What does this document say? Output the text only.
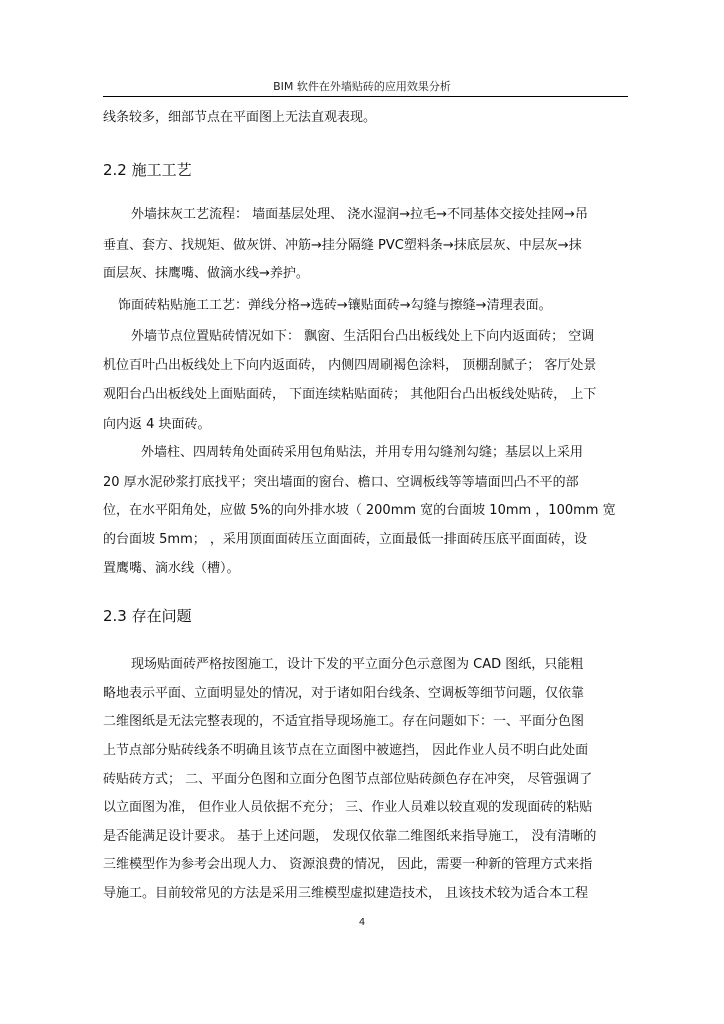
BIM 软件在外墙贴砖的应用效果分析

线条较多，细部节点在平面图上无法直观表现。

2.2 施工工艺

外墙抹灰工艺流程： 墙面基层处理、 浇水湿润→拉毛→不同基体交接处挂网→吊

垂直、套方、找规矩、做灰饼、冲筋→挂分隔缝 PVC塑料条→抹底层灰、中层灰→抹

面层灰、抹鹰嘴、做滴水线→养护。

饰面砖粘贴施工工艺：弹线分格→选砖→镶贴面砖→勾缝与擦缝→清理表面。

外墙节点位置贴砖情况如下： 飘窗、生活阳台凸出板线处上下向内返面砖； 空调

机位百叶凸出板线处上下向内返面砖， 内侧四周刷褐色涂料， 顶棚刮腻子； 客厅处景

观阳台凸出板线处上面贴面砖， 下面连续粘贴面砖； 其他阳台凸出板线处贴砖， 上下

向内返 4 块面砖。

外墙柱、四周转角处面砖采用包角贴法，并用专用勾缝剂勾缝；基层以上采用

20 厚水泥砂浆打底找平；突出墙面的窗台、檐口、空调板线等等墙面凹凸不平的部

位，在水平阳角处，应做 5%的向外排水坡（ 200mm 宽的台面坡 10mm ，100mm 宽

的台面坡 5mm； ，采用顶面面砖压立面面砖，立面最低一排面砖压底平面面砖，设

置鹰嘴、滴水线（槽）。

2.3 存在问题

现场贴面砖严格按图施工，设计下发的平立面分色示意图为 CAD 图纸，只能粗

略地表示平面、立面明显处的情况，对于诸如阳台线条、空调板等细节问题，仅依靠

二维图纸是无法完整表现的，不适宜指导现场施工。存在问题如下：一、平面分色图

上节点部分贴砖线条不明确且该节点在立面图中被遮挡， 因此作业人员不明白此处面

砖贴砖方式； 二、平面分色图和立面分色图节点部位贴砖颜色存在冲突， 尽管强调了

以立面图为准， 但作业人员依据不充分； 三、作业人员难以较直观的发现面砖的粘贴

是否能满足设计要求。 基于上述问题， 发现仅依靠二维图纸来指导施工， 没有清晰的

三维模型作为参考会出现人力、 资源浪费的情况， 因此，需要一种新的管理方式来指

导施工。目前较常见的方法是采用三维模型虚拟建造技术， 且该技术较为适合本工程

4
